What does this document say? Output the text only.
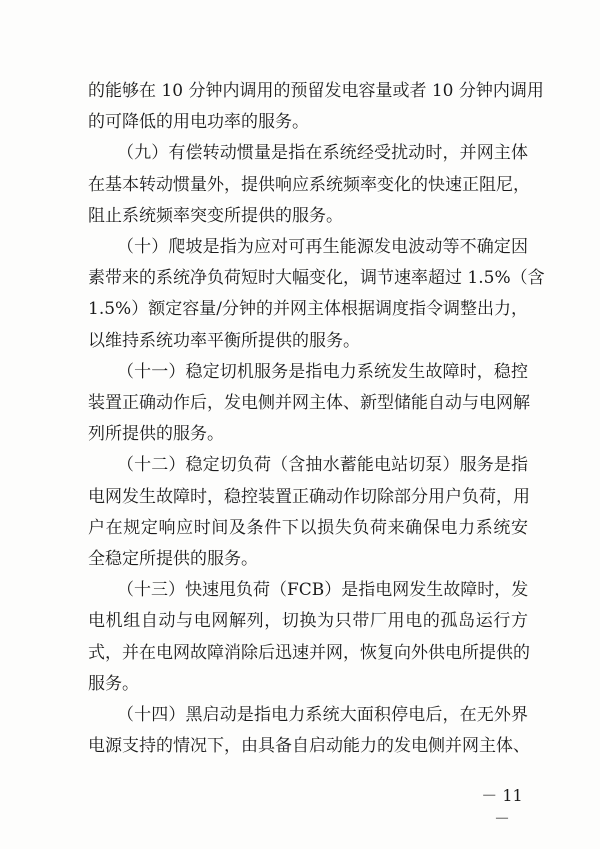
的能够在 10 分钟内调用的预留发电容量或者 10 分钟内调用
的可降低的用电功率的服务。
（九）有偿转动惯量是指在系统经受扰动时，并网主体
在基本转动惯量外，提供响应系统频率变化的快速正阻尼，
阻止系统频率突变所提供的服务。
（十）爬坡是指为应对可再生能源发电波动等不确定因
素带来的系统净负荷短时大幅变化，调节速率超过 1.5%（含
1.5%）额定容量/分钟的并网主体根据调度指令调整出力，
以维持系统功率平衡所提供的服务。
（十一）稳定切机服务是指电力系统发生故障时，稳控
装置正确动作后，发电侧并网主体、新型储能自动与电网解
列所提供的服务。
（十二）稳定切负荷（含抽水蓄能电站切泵）服务是指
电网发生故障时，稳控装置正确动作切除部分用户负荷，用
户在规定响应时间及条件下以损失负荷来确保电力系统安
全稳定所提供的服务。
（十三）快速甩负荷（FCB）是指电网发生故障时，发
电机组自动与电网解列，切换为只带厂用电的孤岛运行方
式，并在电网故障消除后迅速并网，恢复向外供电所提供的
服务。
（十四）黑启动是指电力系统大面积停电后，在无外界
电源支持的情况下，由具备自启动能力的发电侧并网主体、
－ 11 －
